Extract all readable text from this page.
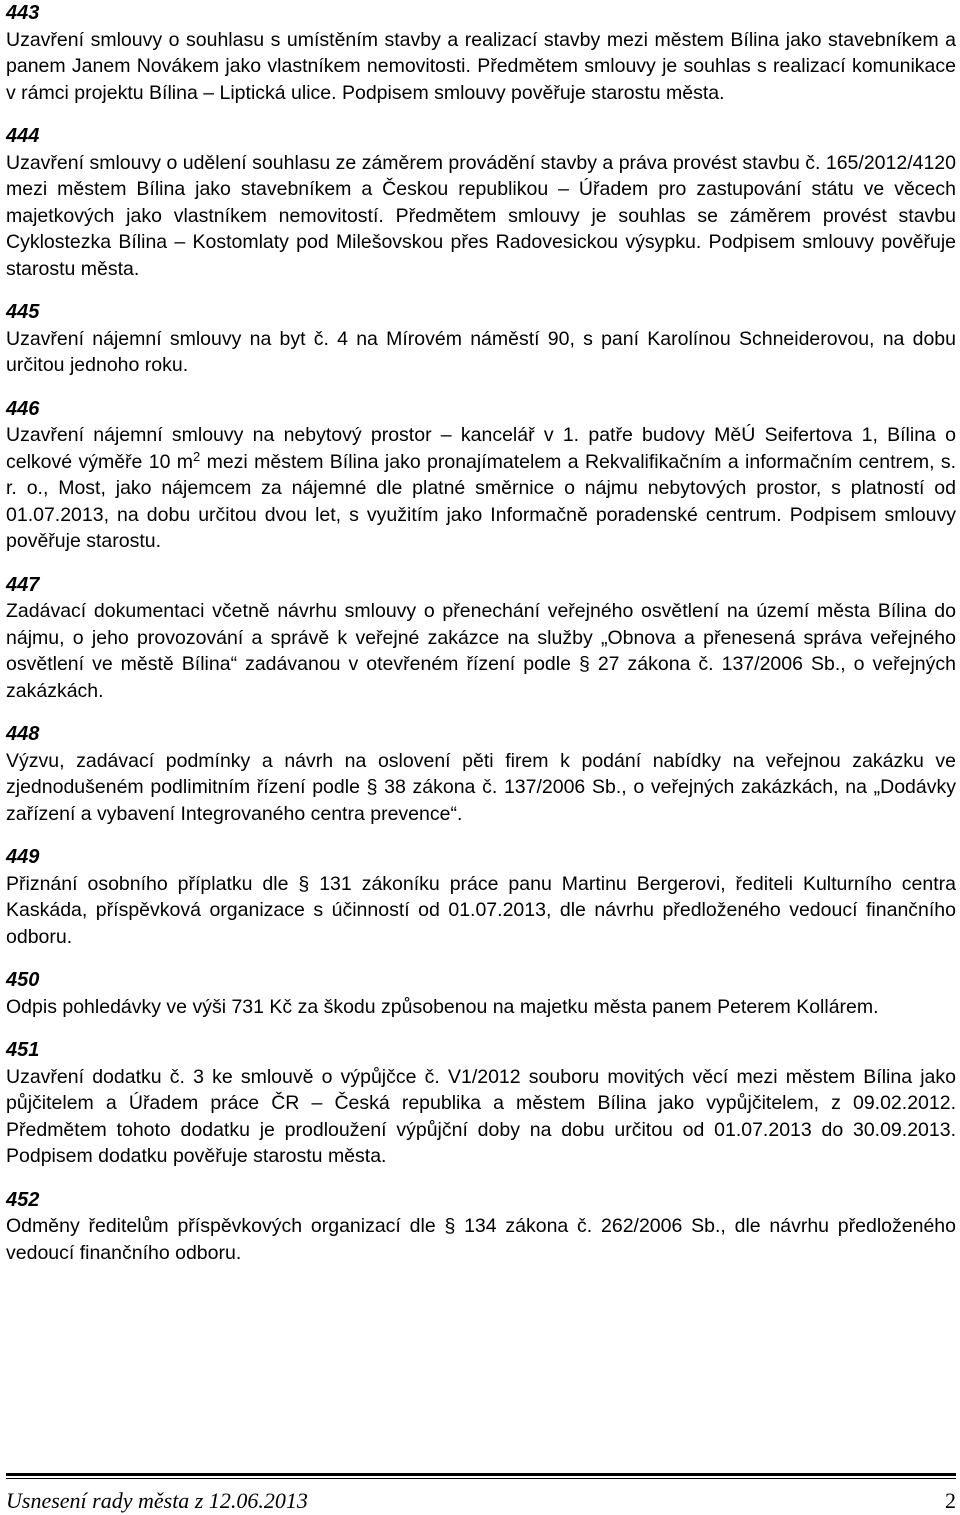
443

Uzavření smlouvy o souhlasu s umístěním stavby a realizací stavby mezi městem Bílina jako stavebníkem a panem Janem Novákem jako vlastníkem nemovitosti. Předmětem smlouvy je souhlas s realizací komunikace v rámci projektu Bílina – Liptická ulice. Podpisem smlouvy pověřuje starostu města.

444

Uzavření smlouvy o udělení souhlasu ze záměrem provádění stavby a práva provést stavbu č. 165/2012/4120 mezi městem Bílina jako stavebníkem a Českou republikou – Úřadem pro zastupování státu ve věcech majetkových jako vlastníkem nemovitostí. Předmětem smlouvy je souhlas se záměrem provést stavbu Cyklostezka Bílina – Kostomlaty pod Milešovskou přes Radovesickou výsypku. Podpisem smlouvy pověřuje starostu města.

445

Uzavření nájemní smlouvy na byt č. 4 na Mírovém náměstí 90, s paní Karolínou Schneiderovou, na dobu určitou jednoho roku.

446

Uzavření nájemní smlouvy na nebytový prostor – kancelář v 1. patře budovy MěÚ Seifertova 1, Bílina o celkové výměře 10 $m^2$ mezi městem Bílina jako pronajímatelem a Rekvalifikačním a informačním centrem, s. r. o., Most, jako nájemcem za nájemné dle platné směrnice o nájmu nebytových prostor, s platností od 01.07.2013, na dobu určitou dvou let, s využitím jako Informačně poradenské centrum. Podpisem smlouvy pověřuje starostu.

447

Zadávací dokumentaci včetně návrhu smlouvy o přenechání veřejného osvětlení na území města Bílina do nájmu, o jeho provozování a správě k veřejné zakázce na služby „Obnova a přenesená správa veřejného osvětlení ve městě Bílina“ zadávanou v otevřeném řízení podle § 27 zákona č. 137/2006 Sb., o veřejných zakázkách.

448

Výzvu, zadávací podmínky a návrh na oslovení pěti firem k podání nabídky na veřejnou zakázku ve zjednodušeném podlimitním řízení podle § 38 zákona č. 137/2006 Sb., o veřejných zakázkách, na „Dodávky zařízení a vybavení Integrovaného centra prevence“.

449

Přiznání osobního příplatku dle § 131 zákoníku práce panu Martinu Bergerovi, řediteli Kulturního centra Kaskáda, příspěvková organizace s účinností od 01.07.2013, dle návrhu předloženého vedoucí finančního odboru.

450

Odpis pohledávky ve výši 731 Kč za škodu způsobenou na majetku města panem Peterem Kollárem.

451

Uzavření dodatku č. 3 ke smlouvě o výpůjčce č. V1/2012 souboru movitých věcí mezi městem Bílina jako půjčitelem a Úřadem práce ČR – Česká republika a městem Bílina jako vypůjčitelem, z 09.02.2012. Předmětem tohoto dodatku je prodloužení výpůjční doby na dobu určitou od 01.07.2013 do 30.09.2013. Podpisem dodatku pověřuje starostu města.

452

Odměny ředitelům příspěvkových organizací dle § 134 zákona č. 262/2006 Sb., dle návrhu předloženého vedoucí finančního odboru.

Usnesení rady města z 12.06.2013	2
